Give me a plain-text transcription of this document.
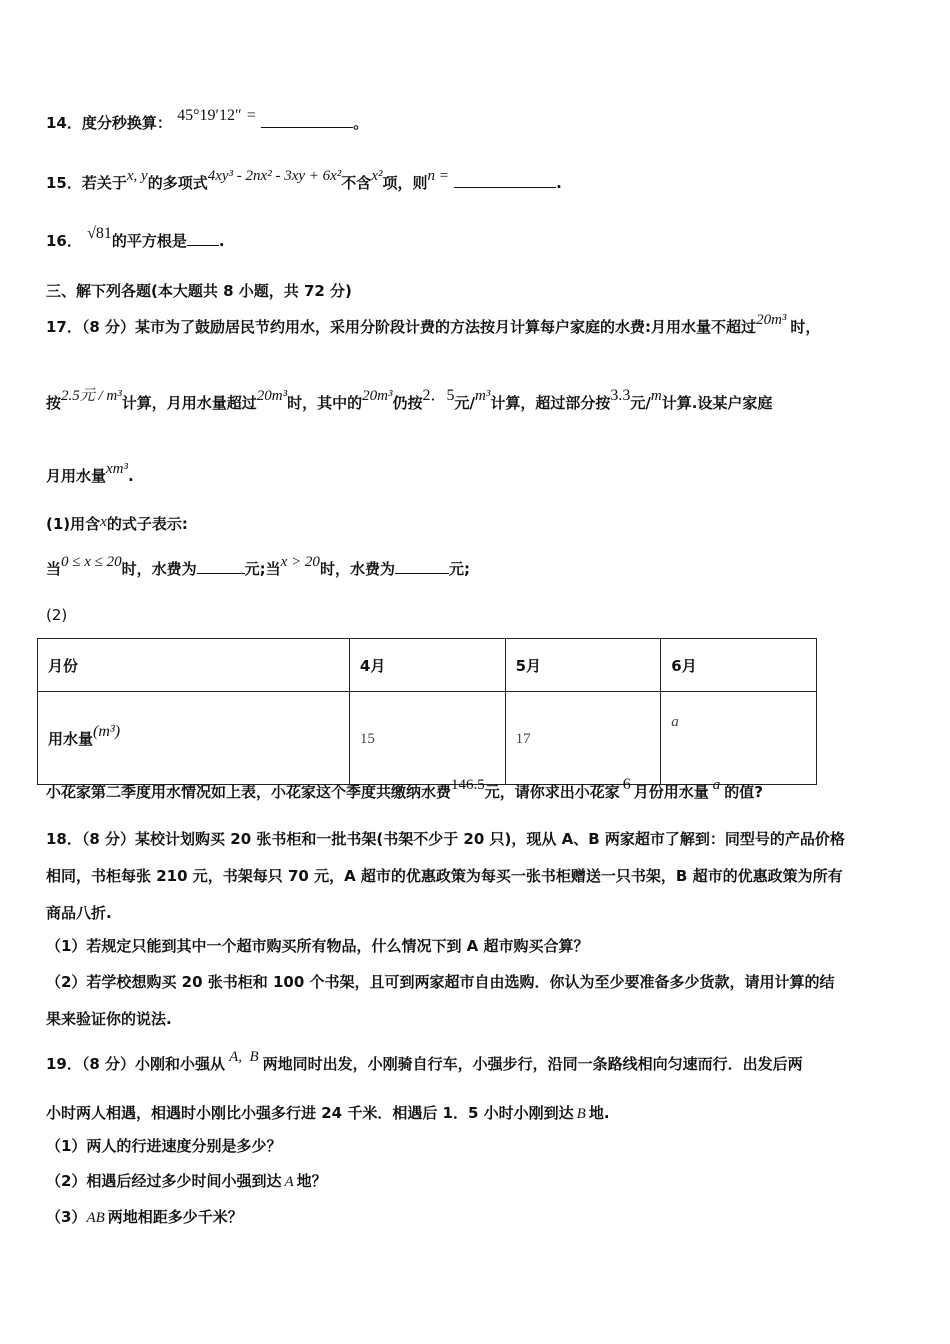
14．度分秒换算： 45°19′12″ =	。
15．若关于x, y的多项式4xy³ - 2nx² - 3xy + 6x²不含x²项，则n =	.
16． √81的平方根是 .
三、解下列各题(本大题共 8 小题，共 72 分)
17．（8 分）某市为了鼓励居民节约用水，采用分阶段计费的方法按月计算每户家庭的水费:月用水量不超过20m³ 时，
按2.5元 / m³计算，月用水量超过20m³时，其中的20m³仍按2．5元/m³计算，超过部分按3.3元/m计算.设某户家庭
月用水量xm³.
(1)用含x的式子表示:
当0 ≤ x ≤ 20时，水费为	元;当x > 20时，水费为	元;
(2)
月份	4月	5月	6月
用水量(m³)	15	17	a
小花家第二季度用水情况如上表，小花家这个季度共缴纳水费146.5元，请你求出小花家 6 月份用水量 a 的值?
18．（8 分）某校计划购买 20 张书柜和一批书架(书架不少于 20 只)，现从 A、B 两家超市了解到：同型号的产品价格
相同，书柜每张 210 元，书架每只 70 元，A 超市的优惠政策为每买一张书柜赠送一只书架，B 超市的优惠政策为所有
商品八折.
（1）若规定只能到其中一个超市购买所有物品，什么情况下到 A 超市购买合算？
（2）若学校想购买 20 张书柜和 100 个书架，且可到两家超市自由选购．你认为至少要准备多少货款，请用计算的结
果来验证你的说法.
19．（8 分）小刚和小强从 A,  B 两地同时出发，小刚骑自行车，小强步行，沿同一条路线相向匀速而行．出发后两
小时两人相遇，相遇时小刚比小强多行进 24 千米．相遇后 1．5 小时小刚到达 B 地.
（1）两人的行进速度分别是多少？
（2）相遇后经过多少时间小强到达 A 地？
（3）AB 两地相距多少千米？
